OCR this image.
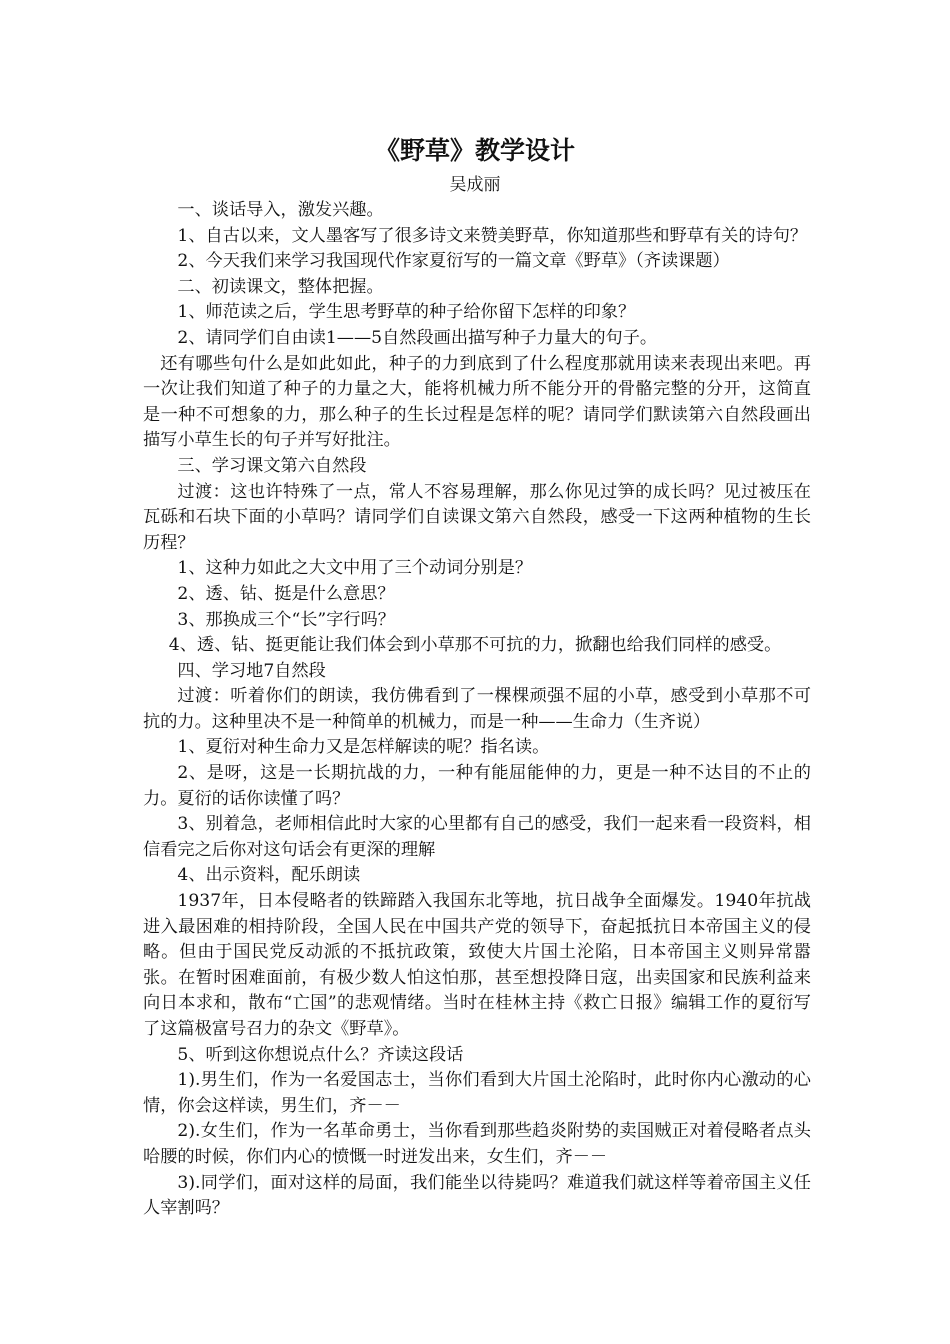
《野草》教学设计
吴成丽

一、谈话导入，激发兴趣。

1、自古以来，文人墨客写了很多诗文来赞美野草，你知道那些和野草有关的诗句？

2、今天我们来学习我国现代作家夏衍写的一篇文章《野草》（齐读课题）

二、初读课文，整体把握。

1、师范读之后，学生思考野草的种子给你留下怎样的印象？

2、请同学们自由读1——5自然段画出描写种子力量大的句子。

还有哪些句什么是如此如此，种子的力到底到了什么程度那就用读来表现出来吧。再一次让我们知道了种子的力量之大，能将机械力所不能分开的骨骼完整的分开，这简直是一种不可想象的力，那么种子的生长过程是怎样的呢？请同学们默读第六自然段画出描写小草生长的句子并写好批注。

三、学习课文第六自然段

过渡：这也许特殊了一点，常人不容易理解，那么你见过笋的成长吗？见过被压在瓦砾和石块下面的小草吗？请同学们自读课文第六自然段，感受一下这两种植物的生长历程？

1、这种力如此之大文中用了三个动词分别是？

2、透、钻、挺是什么意思？

3、那换成三个“长”字行吗？

4、透、钻、挺更能让我们体会到小草那不可抗的力，掀翻也给我们同样的感受。

四、学习地7自然段

过渡：听着你们的朗读，我仿佛看到了一棵棵顽强不屈的小草，感受到小草那不可抗的力。这种里决不是一种简单的机械力，而是一种——生命力（生齐说）

1、夏衍对种生命力又是怎样解读的呢？指名读。

2、是呀，这是一长期抗战的力，一种有能屈能伸的力，更是一种不达目的不止的力。夏衍的话你读懂了吗？

3、别着急，老师相信此时大家的心里都有自己的感受，我们一起来看一段资料，相信看完之后你对这句话会有更深的理解

4、出示资料，配乐朗读

1937年，日本侵略者的铁蹄踏入我国东北等地，抗日战争全面爆发。1940年抗战进入最困难的相持阶段，全国人民在中国共产党的领导下，奋起抵抗日本帝国主义的侵略。但由于国民党反动派的不抵抗政策，致使大片国土沦陷，日本帝国主义则异常嚣张。在暂时困难面前，有极少数人怕这怕那，甚至想投降日寇，出卖国家和民族利益来向日本求和，散布“亡国”的悲观情绪。当时在桂林主持《救亡日报》编辑工作的夏衍写了这篇极富号召力的杂文《野草》。

5、听到这你想说点什么？齐读这段话

1).男生们，作为一名爱国志士，当你们看到大片国土沦陷时，此时你内心激动的心情，你会这样读，男生们，齐－－

2).女生们，作为一名革命勇士，当你看到那些趋炎附势的卖国贼正对着侵略者点头哈腰的时候，你们内心的愤慨一时迸发出来，女生们，齐－－

3).同学们，面对这样的局面，我们能坐以待毙吗？难道我们就这样等着帝国主义任人宰割吗？
